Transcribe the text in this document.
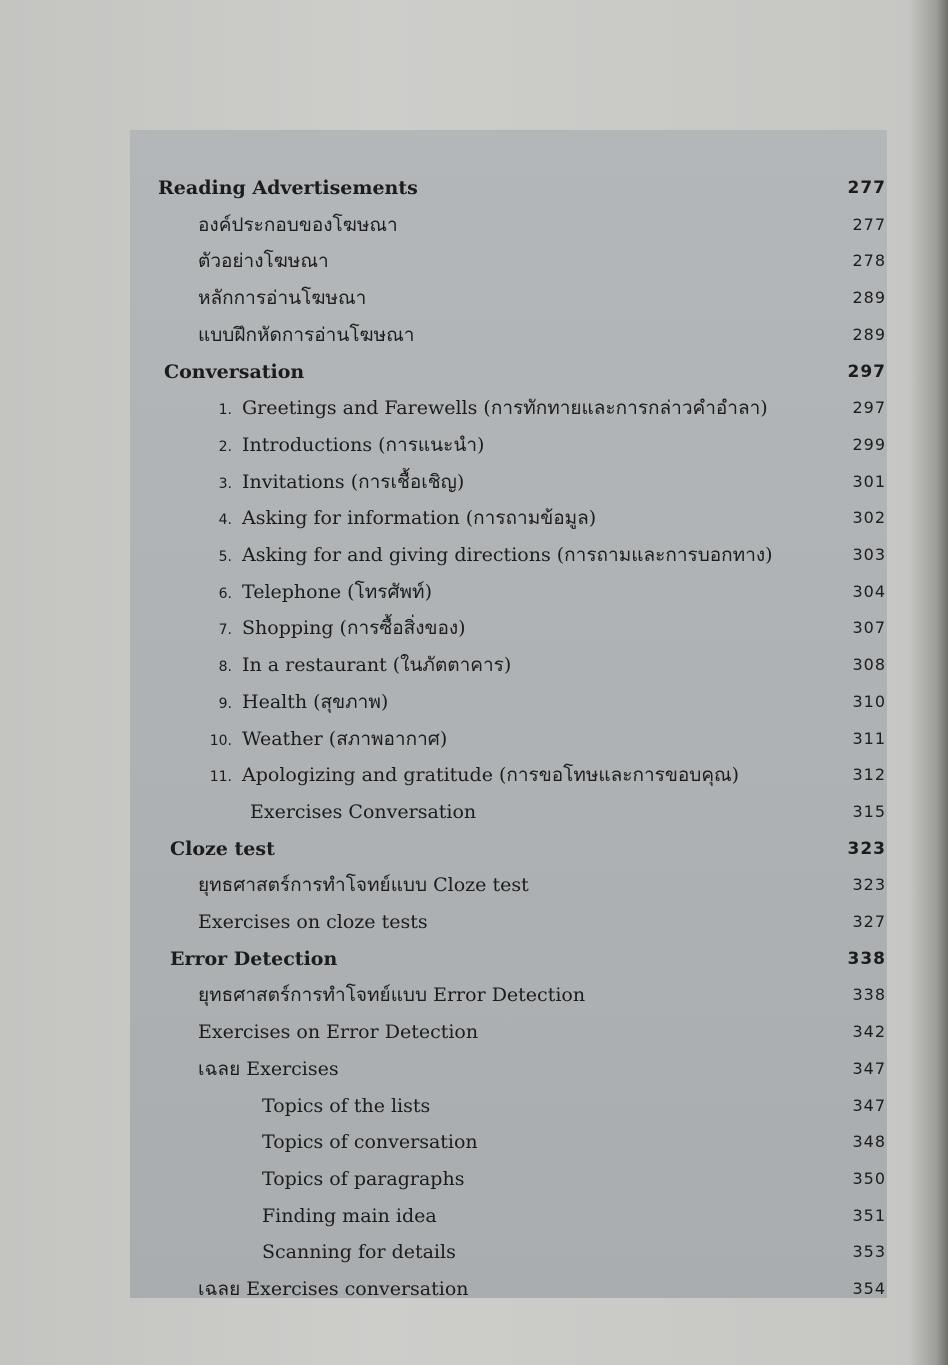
Reading Advertisements	277
องค์ประกอบของโฆษณา	277
ตัวอย่างโฆษณา	278
หลักการอ่านโฆษณา	289
แบบฝึกหัดการอ่านโฆษณา	289
Conversation	297
1. Greetings and Farewells (การทักทายและการกล่าวคำอำลา)	297
2. Introductions (การแนะนำ)	299
3. Invitations (การเชื้อเชิญ)	301
4. Asking for information (การถามข้อมูล)	302
5. Asking for and giving directions (การถามและการบอกทาง)	303
6. Telephone (โทรศัพท์)	304
7. Shopping (การซื้อสิ่งของ)	307
8. In a restaurant (ในภัตตาคาร)	308
9. Health (สุขภาพ)	310
10. Weather (สภาพอากาศ)	311
11. Apologizing and gratitude (การขอโทษและการขอบคุณ)	312
Exercises Conversation	315
Cloze test	323
ยุทธศาสตร์การทำโจทย์แบบ Cloze test	323
Exercises on cloze tests	327
Error Detection	338
ยุทธศาสตร์การทำโจทย์แบบ Error Detection	338
Exercises on Error Detection	342
เฉลย Exercises	347
Topics of the lists	347
Topics of conversation	348
Topics of paragraphs	350
Finding main idea	351
Scanning for details	353
เฉลย Exercises conversation	354
